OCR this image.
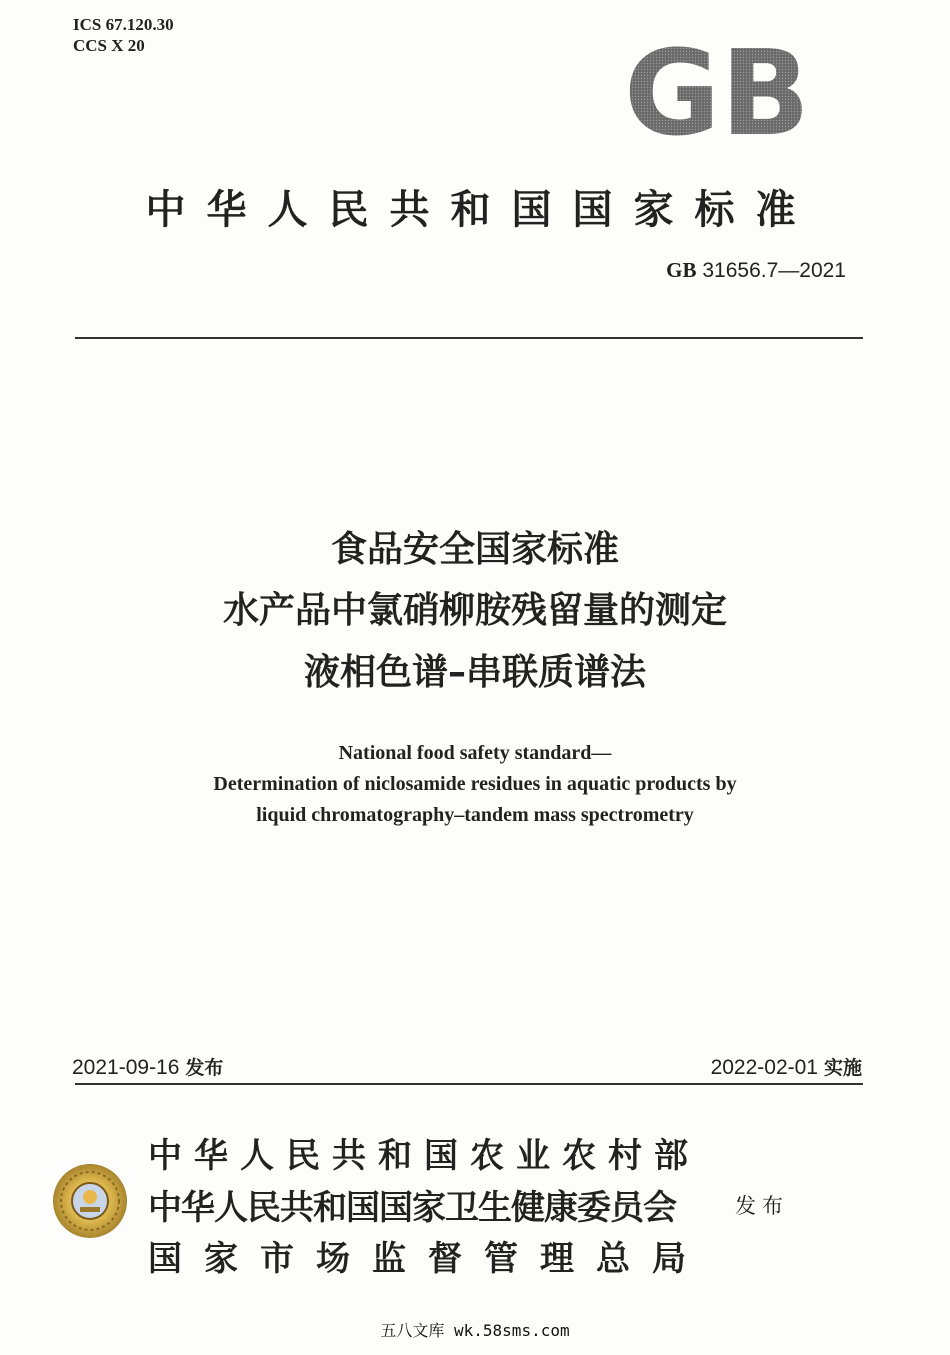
ICS 67.120.30
CCS X 20	GB
中华人民共和国国家标准
GB 31656.7—2021
食品安全国家标准
水产品中氯硝柳胺残留量的测定
液相色谱–串联质谱法
National food safety standard—
Determination of niclosamide residues in aquatic products by
liquid chromatography–tandem mass spectrometry
2021-09-16 发布	2022-02-01 实施
中华人民共和国农业农村部
中华人民共和国国家卫生健康委员会
国家市场监督管理总局
发布
五八文库 wk.58sms.com
